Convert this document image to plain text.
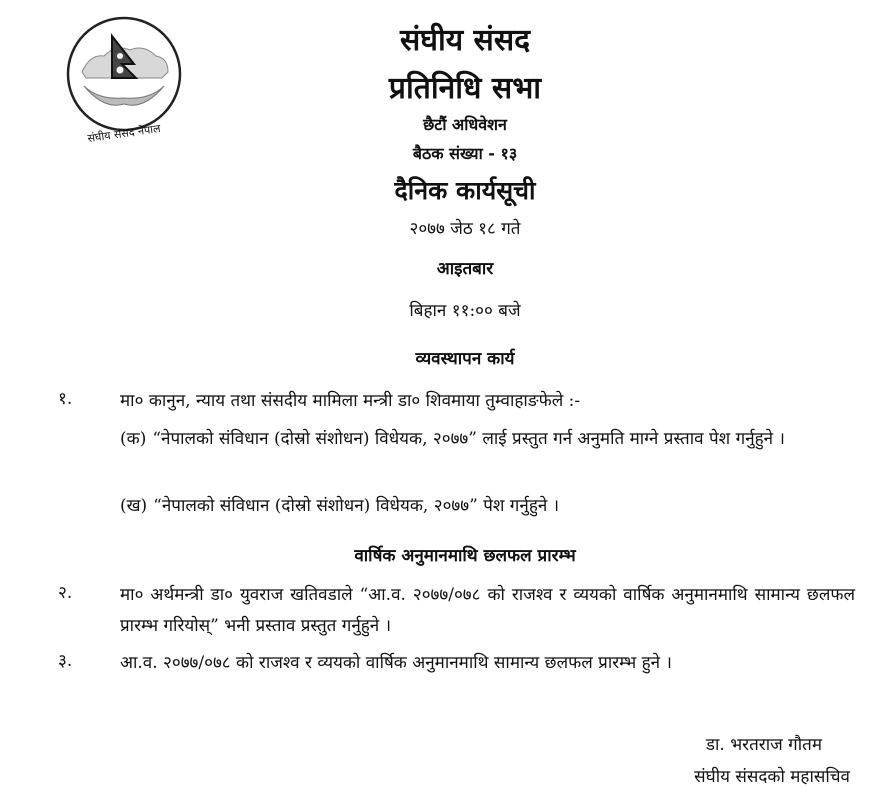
संघीय संसद नेपाल
संघीय संसद
प्रतिनिधि सभा
छैटौं अधिवेशन
बैठक संख्या - १३
दैनिक कार्यसूची
२०७७ जेठ १८ गते
आइतबार
बिहान ११:०० बजे
व्यवस्थापन कार्य
१.	मा० कानुन, न्याय तथा संसदीय मामिला मन्त्री डा० शिवमाया तुम्वाहाङफेले :-
(क) “नेपालको संविधान (दोस्रो संशोधन) विधेयक, २०७७” लाई प्रस्तुत गर्न अनुमति माग्ने प्रस्ताव पेश गर्नुहुने ।
(ख) “नेपालको संविधान (दोस्रो संशोधन) विधेयक, २०७७” पेश गर्नुहुने ।
वार्षिक अनुमानमाथि छलफल प्रारम्भ
२.	मा० अर्थमन्त्री डा० युवराज खतिवडाले “आ.व. २०७७/०७८ को राजश्व र व्ययको वार्षिक अनुमानमाथि सामान्य छलफल प्रारम्भ गरियोस्” भनी प्रस्ताव प्रस्तुत गर्नुहुने ।
३.	आ.व. २०७७/०७८ को राजश्व र व्ययको वार्षिक अनुमानमाथि सामान्य छलफल प्रारम्भ हुने ।
डा. भरतराज गौतम
संघीय संसदको महासचिव
